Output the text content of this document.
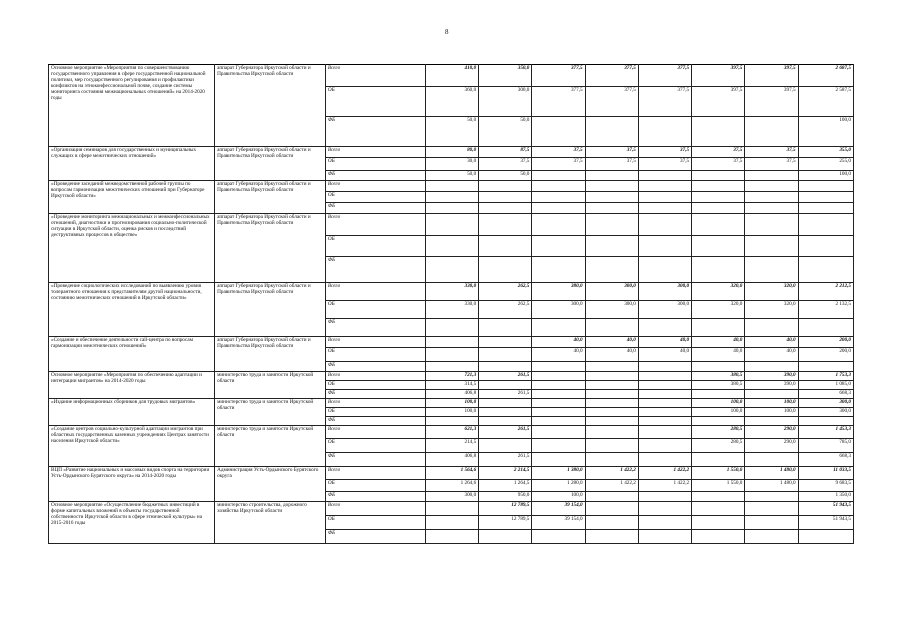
8
Основное мероприятие «Мероприятия по совершенствованию государственного управления в сфере государственной национальной политики, мер государственного регулирования и профилактики конфликтов на этноконфессиональной почве, создание системы мониторинга состояния межнациональных отношений» на 2014-2020 годы	аппарат Губернатора Иркутской области и Правительства Иркутской области	Всего	410,0	350,0	377,5	377,5	377,5	397,5	397,5	2 687,5
		ОБ	360,0	300,0	377,5	377,5	377,5	397,5	397,5	2 587,5
		ФБ	50,0	50,0						100,0
«Организация семинаров для государственных и муниципальных служащих в сфере межэтнических отношений»	аппарат Губернатора Иркутской области и Правительства Иркутской области	Всего	80,0	87,5	37,5	37,5	37,5	37,5	37,5	355,0
		ОБ	30,0	37,5	37,5	37,5	37,5	37,5	37,5	255,0
		ФБ	50,0	50,0						100,0
«Проведение заседаний межведомственной рабочей группы по вопросам гармонизации межэтнических отношений при Губернаторе Иркутской области»	аппарат Губернатора Иркутской области и Правительства Иркутской области	Всего								
		ОБ								
		ФБ								
«Проведение мониторинга межнациональных и межконфессиональных отношений, диагностики и прогнозирования социально-политической ситуации в Иркутской области, оценка рисков и последствий деструктивных процессов в обществе»	аппарат Губернатора Иркутской области и Правительства Иркутской области	Всего								
		ОБ								
		ФБ								
«Проведение социологических исследований по выявлению уровня толерантного отношения к представителям другой национальности, состоянию межэтнических отношений в Иркутской области»	аппарат Губернатора Иркутской области и Правительства Иркутской области	Всего	330,0	262,5	380,0	300,0	300,0	320,0	320,0	2 212,5
		ОБ	330,0	262,5	300,0	300,0	300,0	320,0	320,0	2 132,5
		ФБ								
«Создание и обеспечение деятельности call-центра по вопросам гармонизации межэтнических отношений»	аппарат Губернатора Иркутской области и Правительства Иркутской области	Всего			40,0	40,0	40,0	40,0	40,0	200,0
		ОБ			40,0	40,0	40,0	40,0	40,0	200,0
		ФБ								
Основное мероприятие «Мероприятия по обеспечению адаптации и интеграции мигрантов» на 2014-2020 годы	министерство труда и занятости Иркутской области	Всего	721,3	261,5				380,5	390,0	1 753,3
		ОБ	314,5					380,5	390,0	1 085,0
		ФБ	406,8	261,5						668,3
«Издание информационных сборников для трудовых мигрантов»	министерство труда и занятости Иркутской области	Всего	100,0					100,0	100,0	300,0
		ОБ	100,0					100,0	100,0	300,0
		ФБ								
«Создание центров социально-культурной адаптации мигрантов при областных государственных казенных учреждениях Центрах занятости населения Иркутской области»	министерство труда и занятости Иркутской области	Всего	621,3	261,5				280,5	290,0	1 453,3
		ОБ	214,5					280,5	290,0	785,0
		ФБ	406,8	261,5						668,3
ВЦП «Развитие национальных и массовых видов спорта на территории Усть-Ордынского Бурятского округа» на 2014-2020 годы	Администрация Усть-Ордынского Бурятского округа	Всего	1 564,6	2 214,5	1 380,0	1 422,2	1 422,2	1 550,0	1 480,0	11 033,5
		ОБ	1 264,6	1 264,5	1 280,0	1 422,2	1 422,2	1 550,0	1 480,0	9 683,5
		ФБ	300,0	950,0	100,0					1 350,0
Основное мероприятие «Осуществление бюджетных инвестиций в форме капитальных вложений в объекты государственной собственности Иркутской области в сфере этнической культуры» на 2015-2016 годы	министерство строительства, дорожного хозяйства Иркутской области	Всего		12 789,5	39 154,0					51 943,5
		ОБ		12 789,5	39 154,0					51 943,5
		ФБ								
